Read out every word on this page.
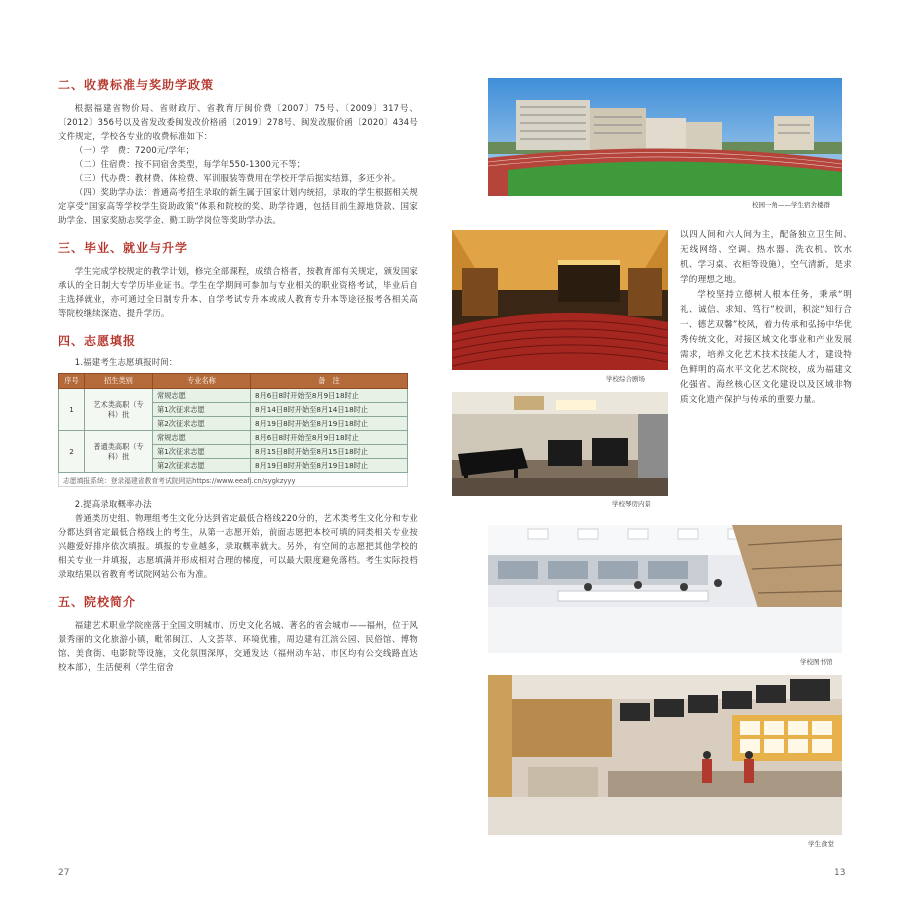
二、收费标准与奖助学政策
根据福建省物价局、省财政厅、省教育厅闽价费〔2007〕75号、〔2009〕317号、〔2012〕356号以及省发改委闽发改价格函〔2019〕278号、闽发改服价函〔2020〕434号文件规定，学校各专业的收费标准如下：
（一）学　费：7200元/学年；
（二）住宿费：按不同宿舍类型，每学年550-1300元不等；
（三）代办费：教材费、体检费、军训服装等费用在学校开学后据实结算，多还少补。
（四）奖助学办法：普通高考招生录取的新生属于国家计划内统招，录取的学生根据相关规定享受“国家高等学校学生资助政策”体系和院校的奖、助学待遇，包括目前生源地贷款、国家助学金、国家奖励志奖学金、勤工助学岗位等奖助学办法。
三、毕业、就业与升学
学生完成学校规定的教学计划，修完全部课程，成绩合格者，按教育部有关规定，颁发国家承认的全日制大专学历毕业证书。学生在学期间可参加与专业相关的职业资格考试，毕业后自主选择就业，亦可通过全日制专升本、自学考试专升本或成人教育专升本等途径报考各相关高等院校继续深造、提升学历。
四、志愿填报
1.福建考生志愿填报时间：
序号	招生类别	专业名称	备　注
1	艺术类高职（专科）批	常规志愿	8月6日8时开始至8月9日18时止
		第1次征求志愿	8月14日8时开始至8月14日18时止
		第2次征求志愿	8月19日8时开始至8月19日18时止
2	普通类高职（专科）批	常规志愿	8月6日8时开始至8月9日18时止
		第1次征求志愿	8月15日8时开始至8月15日18时止
		第2次征求志愿	8月19日8时开始至8月19日18时止
志愿填报系统：登录福建省教育考试院网站https://www.eeafj.cn/sygkzyyy			
2.提高录取概率办法
普通类历史组、物理组考生文化分达到省定最低合格线220分的，艺术类考生文化分和专业分都达到省定最低合格线上的考生，从第一志愿开始，前面志愿把本校可填的同类相关专业按兴趣爱好排序依次填报。填报的专业越多，录取概率就大。另外，有空间的志愿把其他学校的相关专业一并填报，志愿填满并形成相对合理的梯度，可以最大限度避免落档。考生实际投档录取结果以省教育考试院网站公布为准。
五、院校简介
福建艺术职业学院座落于全国文明城市、历史文化名城、著名的省会城市——福州，位于风景秀丽的文化旅游小镇，毗邻闽江、人文荟萃、环境优雅，周边建有江滨公园、民俗馆、博物馆、美食街、电影院等设施，文化氛围深厚，交通发达（福州动车站、市区均有公交线路直达校本部），生活便利（学生宿舍
27
校园一角——学生宿舍楼群
学校综合剧场
学校琴房内景
以四人间和六人间为主，配备独立卫生间、无线网络、空调、热水器、洗衣机、饮水机、学习桌、衣柜等设施），空气清新，是求学的理想之地。
学校坚持立德树人根本任务，秉承“明礼、诚信、求知、笃行”校训，积淀“知行合一、德艺双馨”校风，着力传承和弘扬中华优秀传统文化，对接区域文化事业和产业发展需求，培养文化艺术技术技能人才，建设特色鲜明的高水平文化艺术院校，成为福建文化强省、海丝核心区文化建设以及区域非物质文化遗产保护与传承的重要力量。
学校图书馆
学生食堂
13
